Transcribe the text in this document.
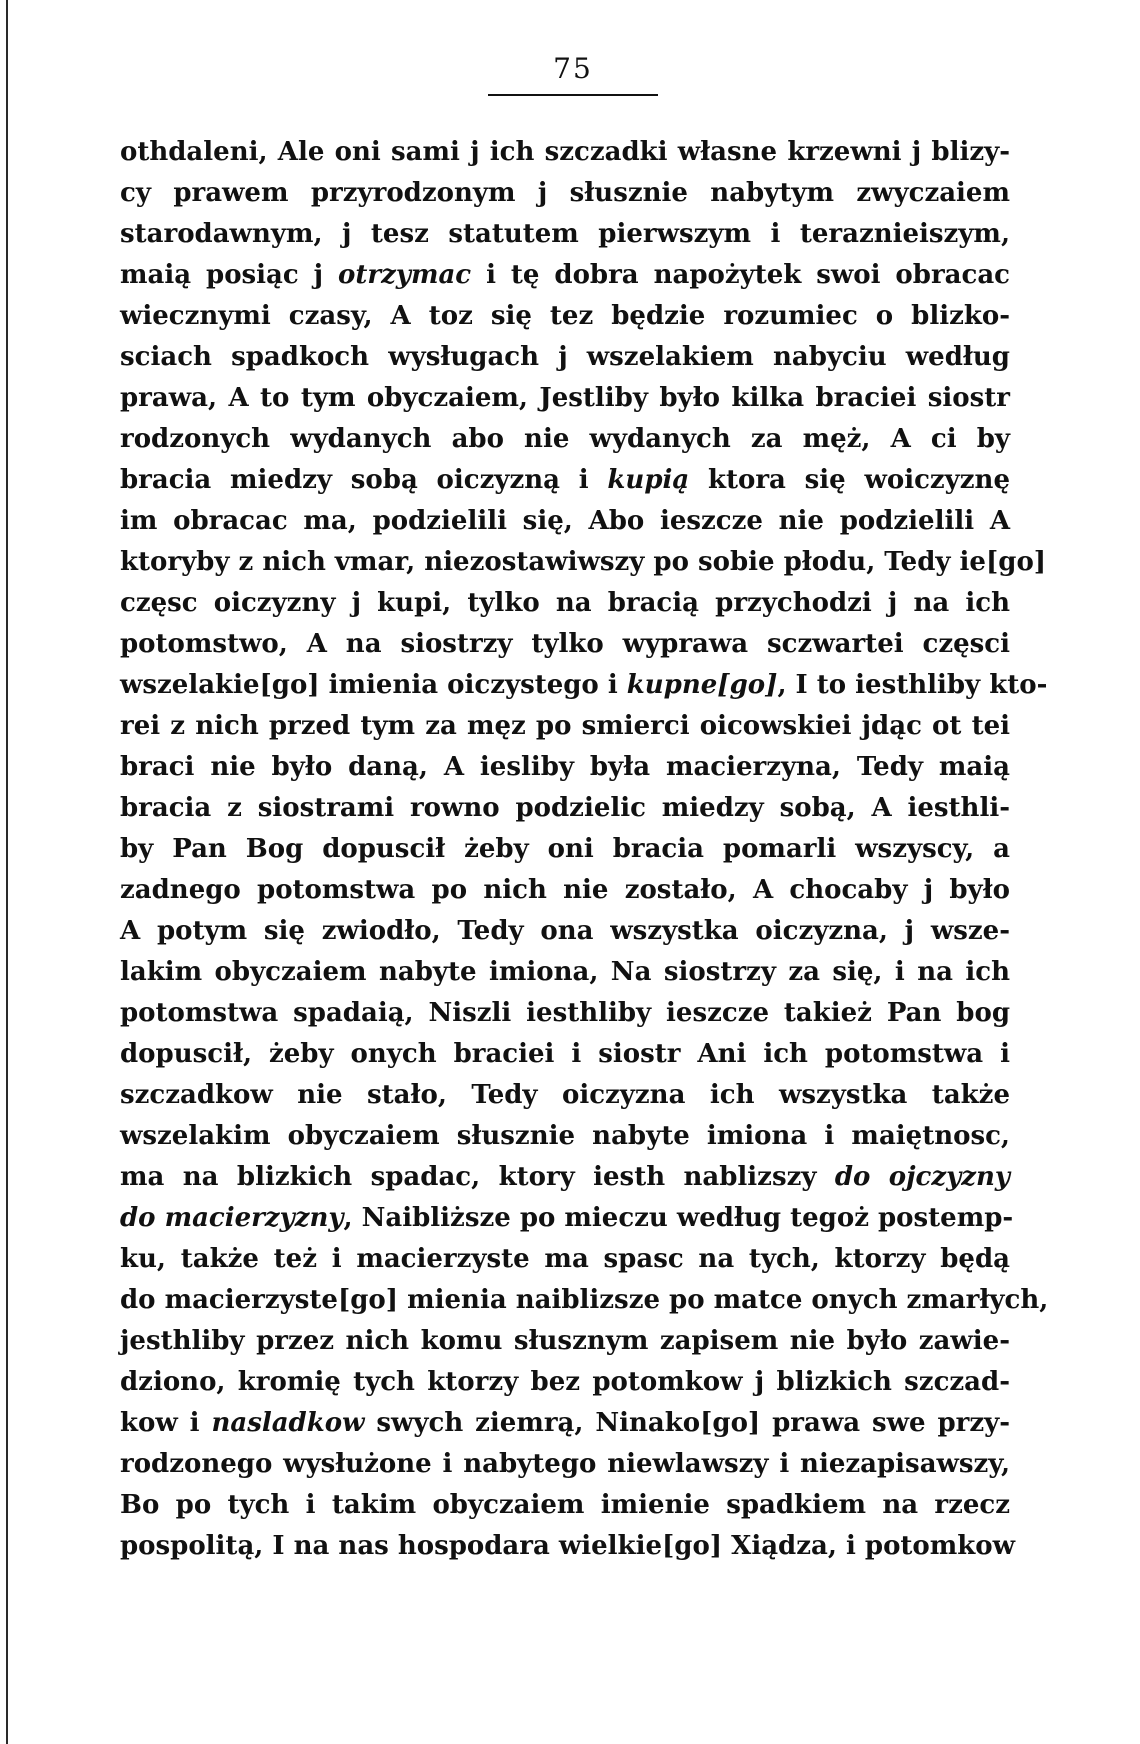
75
othdaleni, Ale oni sami j ich szczadki własne krzewni j blizy-
cy prawem przyrodzonym j słusznie nabytym zwyczaiem
starodawnym, j tesz statutem pierwszym i teraznieiszym,
maią posiąc j otrzymac i tę dobra napożytek swoi obracac
wiecznymi czasy, A toz się tez będzie rozumiec o blizko-
sciach spadkoch wysługach j wszelakiem nabyciu według
prawa, A to tym obyczaiem, Jestliby było kilka braciei siostr
rodzonych wydanych abo nie wydanych za męż, A ci by
bracia miedzy sobą oiczyzną i kupią ktora się woiczyznę
im obracac ma, podzielili się, Abo ieszcze nie podzielili A
ktoryby z nich vmar, niezostawiwszy po sobie płodu, Tedy ie[go]
częsc oiczyzny j kupi, tylko na bracią przychodzi j na ich
potomstwo, A na siostrzy tylko wyprawa sczwartei częsci
wszelakie[go] imienia oiczystego i kupne[go], I to iesthliby kto-
rei z nich przed tym za męz po smierci oicowskiei jdąc ot tei
braci nie było daną, A iesliby była macierzyna, Tedy maią
bracia z siostrami rowno podzielic miedzy sobą, A iesthli-
by Pan Bog dopuscił żeby oni bracia pomarli wszyscy, a
zadnego potomstwa po nich nie zostało, A chocaby j było
A potym się zwiodło, Tedy ona wszystka oiczyzna, j wsze-
lakim obyczaiem nabyte imiona, Na siostrzy za się, i na ich
potomstwa spadaią, Niszli iesthliby ieszcze takież Pan bog
dopuscił, żeby onych braciei i siostr Ani ich potomstwa i
szczadkow nie stało, Tedy oiczyzna ich wszystka także
wszelakim obyczaiem słusznie nabyte imiona i maiętnosc,
ma na blizkich spadac, ktory iesth nablizszy do ojczyzny
do macierzyzny, Naibliższe po mieczu według tegoż postemp-
ku, także też i macierzyste ma spasc na tych, ktorzy będą
do macierzyste[go] mienia naiblizsze po matce onych zmarłych,
jesthliby przez nich komu słusznym zapisem nie było zawie-
dziono, kromię tych ktorzy bez potomkow j blizkich szczad-
kow i nasladkow swych ziemrą, Ninako[go] prawa swe przy-
rodzonego wysłużone i nabytego niewlawszy i niezapisawszy,
Bo po tych i takim obyczaiem imienie spadkiem na rzecz
pospolitą, I na nas hospodara wielkie[go] Xiądza, i potomkow
